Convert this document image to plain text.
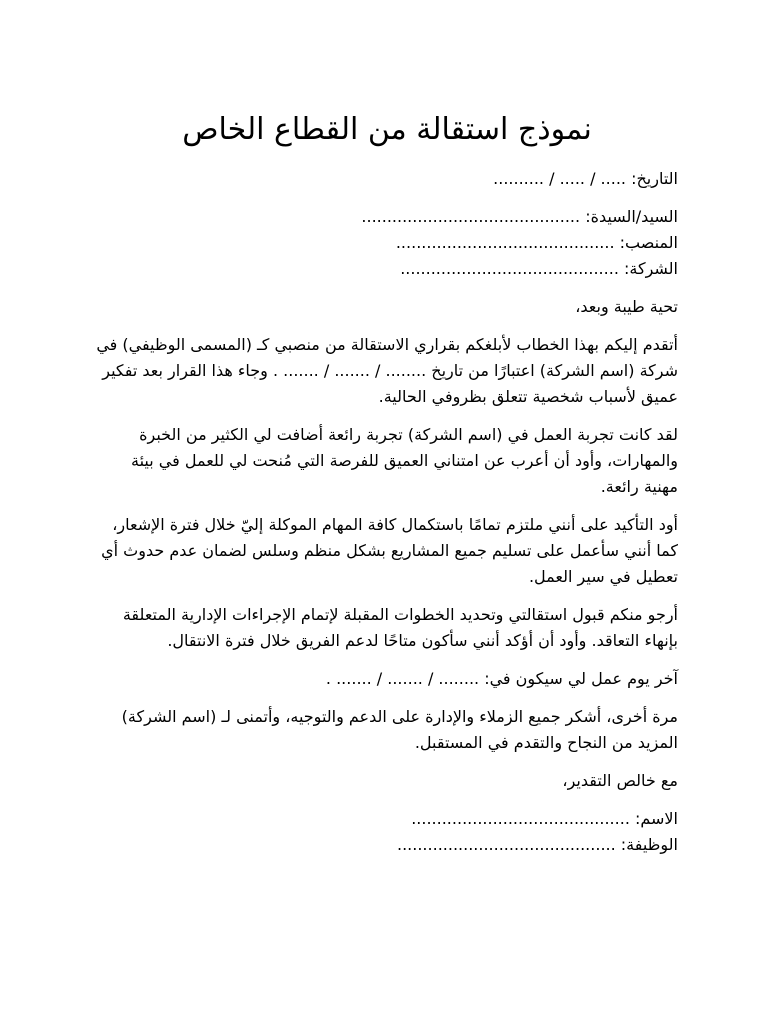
نموذج استقالة من القطاع الخاص

التاريخ: ..... / ..... / ..........

السيد/السيدة: ...........................................

المنصب: ...........................................

الشركة: ...........................................

تحية طيبة وبعد،

أتقدم إليكم بهذا الخطاب لأبلغكم بقراري الاستقالة من منصبي كـ (المسمى الوظيفي) في شركة (اسم الشركة) اعتبارًا من تاريخ ........ / ....... / ....... . وجاء هذا القرار بعد تفكير عميق لأسباب شخصية تتعلق بظروفي الحالية.

لقد كانت تجربة العمل في (اسم الشركة) تجربة رائعة أضافت لي الكثير من الخبرة والمهارات، وأود أن أعرب عن امتناني العميق للفرصة التي مُنحت لي للعمل في بيئة مهنية رائعة.

أود التأكيد على أنني ملتزم تمامًا باستكمال كافة المهام الموكلة إليّ خلال فترة الإشعار، كما أنني سأعمل على تسليم جميع المشاريع بشكل منظم وسلس لضمان عدم حدوث أي تعطيل في سير العمل.

أرجو منكم قبول استقالتي وتحديد الخطوات المقبلة لإتمام الإجراءات الإدارية المتعلقة بإنهاء التعاقد. وأود أن أؤكد أنني سأكون متاحًا لدعم الفريق خلال فترة الانتقال.

آخر يوم عمل لي سيكون في: ........ / ....... / ....... .

مرة أخرى، أشكر جميع الزملاء والإدارة على الدعم والتوجيه، وأتمنى لـ (اسم الشركة) المزيد من النجاح والتقدم في المستقبل.

مع خالص التقدير،

الاسم: ...........................................

الوظيفة: ...........................................
